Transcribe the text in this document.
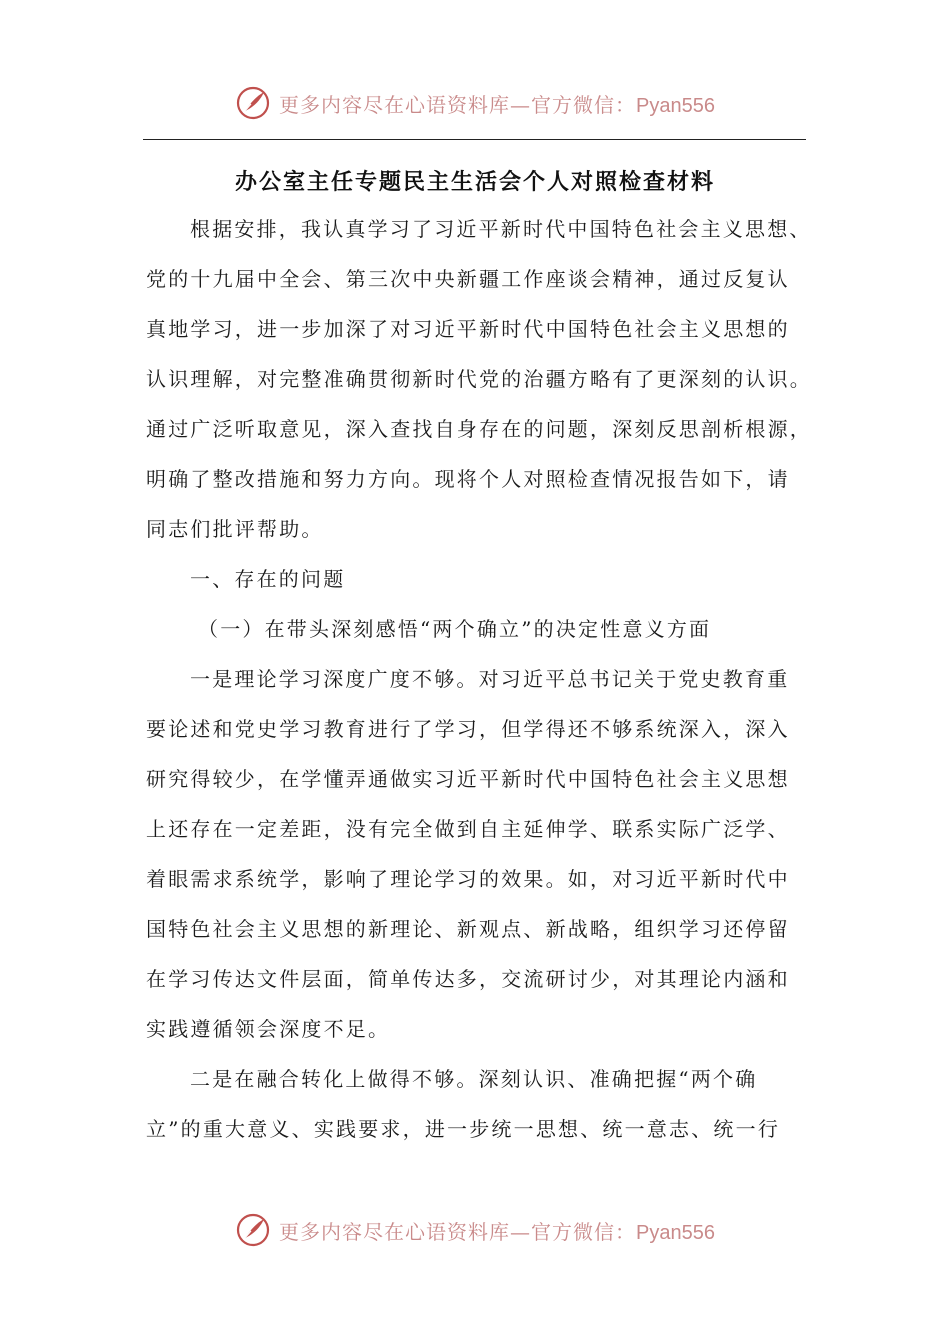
更多内容尽在心语资料库—官方微信：Pyan556
办公室主任专题民主生活会个人对照检查材料
根据安排，我认真学习了习近平新时代中国特色社会主义思想、
党的十九届中全会、第三次中央新疆工作座谈会精神，通过反复认
真地学习，进一步加深了对习近平新时代中国特色社会主义思想的
认识理解，对完整准确贯彻新时代党的治疆方略有了更深刻的认识。
通过广泛听取意见，深入查找自身存在的问题，深刻反思剖析根源，
明确了整改措施和努力方向。现将个人对照检查情况报告如下，请
同志们批评帮助。
一、存在的问题
（一）在带头深刻感悟“两个确立”的决定性意义方面
一是理论学习深度广度不够。对习近平总书记关于党史教育重
要论述和党史学习教育进行了学习，但学得还不够系统深入，深入
研究得较少，在学懂弄通做实习近平新时代中国特色社会主义思想
上还存在一定差距，没有完全做到自主延伸学、联系实际广泛学、
着眼需求系统学，影响了理论学习的效果。如，对习近平新时代中
国特色社会主义思想的新理论、新观点、新战略，组织学习还停留
在学习传达文件层面，简单传达多，交流研讨少，对其理论内涵和
实践遵循领会深度不足。
二是在融合转化上做得不够。深刻认识、准确把握“两个确
立”的重大意义、实践要求，进一步统一思想、统一意志、统一行
更多内容尽在心语资料库—官方微信：Pyan556
